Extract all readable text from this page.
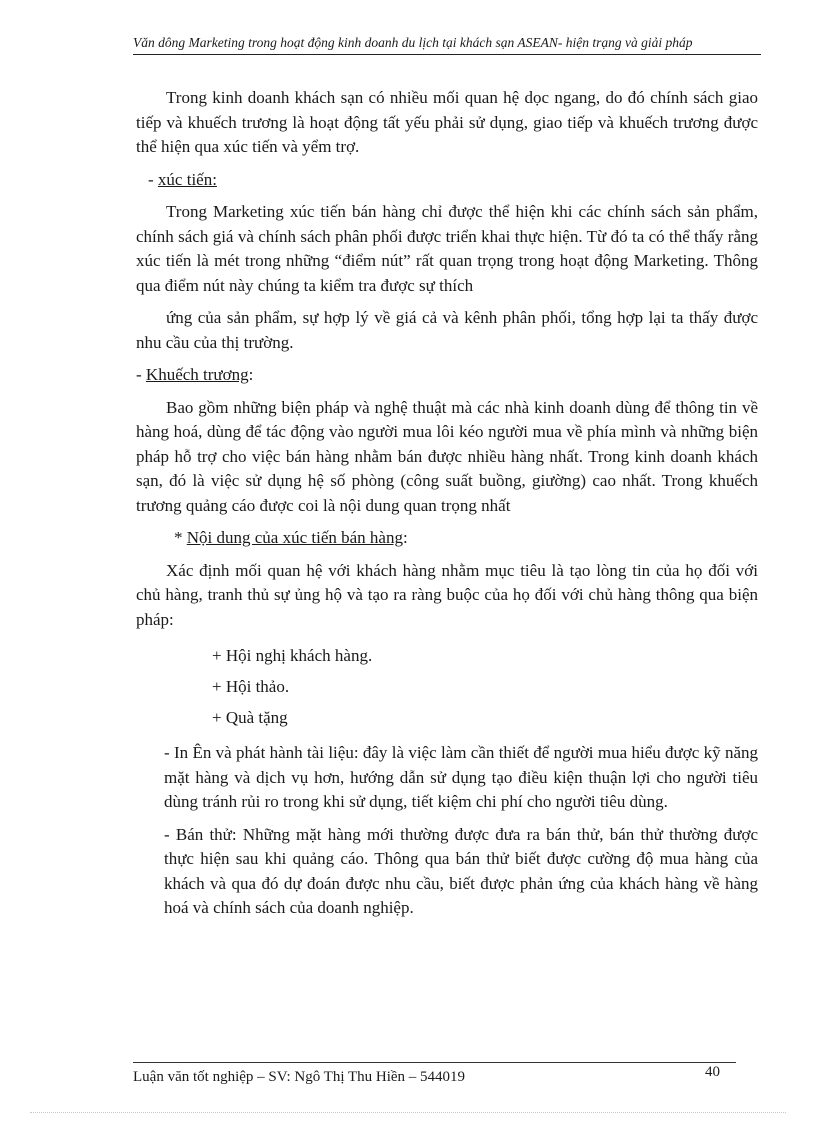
Văn dông Marketing trong hoạt động kinh doanh du lịch tại khách sạn ASEAN- hiện trạng và giải pháp

Trong kinh doanh khách sạn có nhiều mối quan hệ dọc ngang, do đó chính sách giao tiếp và khuếch trương là hoạt động tất yếu phải sử dụng, giao tiếp và khuếch trương được thể hiện qua xúc tiến và yểm trợ.

- xúc tiến:

Trong Marketing xúc tiến bán hàng chỉ được thể hiện khi các chính sách sản phẩm, chính sách giá và chính sách phân phối được triển khai thực hiện. Từ đó ta có thể thấy rằng xúc tiến là mét trong những “điểm nút” rất quan trọng trong hoạt động Marketing. Thông qua điểm nút này chúng ta kiểm tra được sự thích

ứng của sản phẩm, sự hợp lý về giá cả và kênh phân phối, tổng hợp lại ta thấy được nhu cầu của thị trường.

- Khuếch trương:

Bao gồm những biện pháp và nghệ thuật mà các nhà kinh doanh dùng để thông tin về hàng hoá, dùng để tác động vào người mua lôi kéo người mua về phía mình và những biện pháp hỗ trợ cho việc bán hàng nhằm bán được nhiều hàng nhất. Trong kinh doanh khách sạn, đó là việc sử dụng hệ số phòng (công suất buồng, giường) cao nhất. Trong khuếch trương quảng cáo được coi là nội dung quan trọng nhất

* Nội dung của xúc tiến bán hàng:

Xác định mối quan hệ với khách hàng nhằm mục tiêu là tạo lòng tin của họ đối với chủ hàng, tranh thủ sự ủng hộ và tạo ra ràng buộc của họ đối với chủ hàng thông qua biện pháp:

+ Hội nghị khách hàng.

+ Hội thảo.

+ Quà tặng

- In Ên và phát hành tài liệu: đây là việc làm cần thiết để người mua hiểu được kỹ năng mặt hàng và dịch vụ hơn, hướng dẫn sử dụng tạo điều kiện thuận lợi cho người tiêu dùng tránh rủi ro trong khi sử dụng, tiết kiệm chi phí cho người tiêu dùng.

- Bán thử: Những mặt hàng mới thường được đưa ra bán thử, bán thử thường được thực hiện sau khi quảng cáo. Thông qua bán thử biết được cường độ mua hàng của khách và qua đó dự đoán được nhu cầu, biết được phản ứng của khách hàng về hàng hoá và chính sách của doanh nghiệp.

Luận văn tốt nghiệp – SV: Ngô Thị Thu Hiền – 544019	40
